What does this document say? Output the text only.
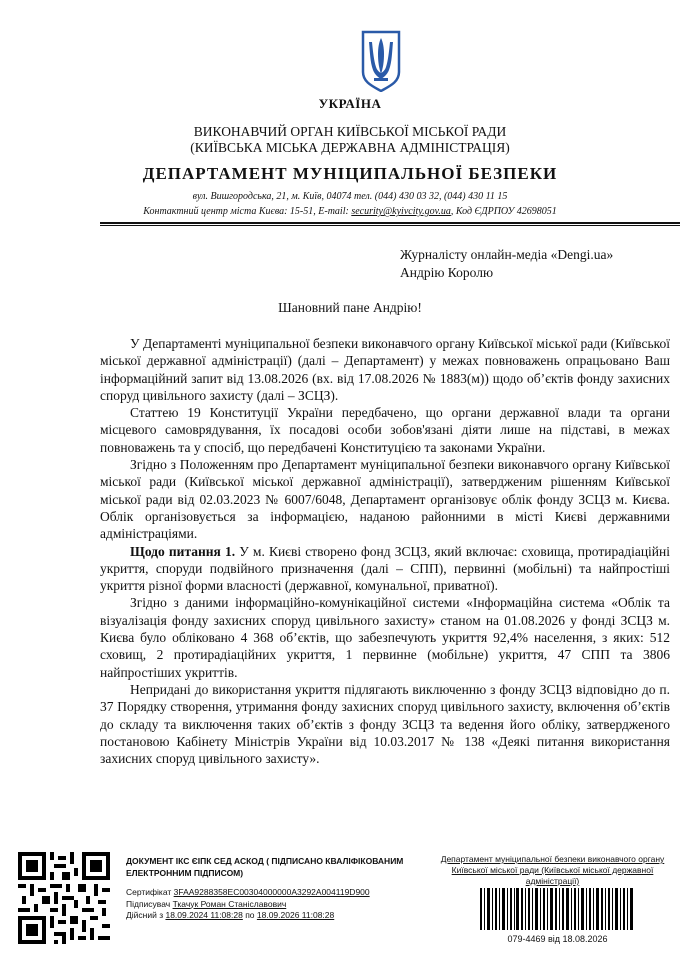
УКРАЇНА
ВИКОНАВЧИЙ ОРГАН КИЇВСЬКОЇ МІСЬКОЇ РАДИ
(КИЇВСЬКА МІСЬКА ДЕРЖАВНА АДМІНІСТРАЦІЯ)
ДЕПАРТАМЕНТ МУНІЦИПАЛЬНОЇ БЕЗПЕКИ
вул. Вишгородська, 21, м. Київ, 04074 тел. (044) 430 03 32, (044) 430 11 15
Контактний центр міста Києва: 15-51, E-mail: security@kyivcity.gov.ua, Код ЄДРПОУ 42698051
Журналісту онлайн-медіа «Dengi.ua»
Андрію Королю
Шановний пане Андрію!

У Департаменті муніципальної безпеки виконавчого органу Київської міської ради (Київської міської державної адміністрації) (далі – Департамент) у межах повноважень опрацьовано Ваш інформаційний запит від 13.08.2026 (вх. від 17.08.2026 № 1883(м)) щодо об’єктів фонду захисних споруд цивільного захисту (далі – ЗСЦЗ).

Статтею 19 Конституції України передбачено, що органи державної влади та органи місцевого самоврядування, їх посадові особи зобов'язані діяти лише на підставі, в межах повноважень та у спосіб, що передбачені Конституцією та законами України.

Згідно з Положенням про Департамент муніципальної безпеки виконавчого органу Київської міської ради (Київської міської державної адміністрації), затвердженим рішенням Київської міської ради від 02.03.2023 № 6007/6048, Департамент організовує облік фонду ЗСЦЗ м. Києва. Облік організовується за інформацією, наданою районними в місті Києві державними адміністраціями.

Щодо питання 1. У м. Києві створено фонд ЗСЦЗ, який включає: сховища, протирадіаційні укриття, споруди подвійного призначення (далі – СПП), первинні (мобільні) та найпростіші укриття різної форми власності (державної, комунальної, приватної).

Згідно з даними інформаційно-комунікаційної системи «Інформаційна система «Облік та візуалізація фонду захисних споруд цивільного захисту» станом на 01.08.2026 у фонді ЗСЦЗ м. Києва було обліковано 4 368 об’єктів, що забезпечують укриття 92,4% населення, з яких: 512 сховищ, 2 протирадіаційних укриття, 1 первинне (мобільне) укриття, 47 СПП та 3806 найпростіших укриттів.

Непридані до використання укриття підлягають виключенню з фонду ЗСЦЗ відповідно до п. 37 Порядку створення, утримання фонду захисних споруд цивільного захисту, включення об’єктів до складу та виключення таких об’єктів з фонду ЗСЦЗ та ведення його обліку, затвердженого постановою Кабінету Міністрів України від 10.03.2017 № 138 «Деякі питання використання захисних споруд цивільного захисту».

ДОКУМЕНТ ІКС ЄІПК СЕД АСКОД ( ПІДПИСАНО КВАЛІФІКОВАНИМ ЕЛЕКТРОННИМ ПІДПИСОМ)
Сертифікат 3FAA9288358EC00304000000A3292A004119D900
Підписувач Ткачук Роман Станіславович
Дійсний з 18.09.2024 11:08:28 по 18.09.2026 11:08:28
Департамент муніципальної безпеки виконавчого органу Київської міської ради (Київської міської державної адміністрації)
079-4469 від 18.08.2026
